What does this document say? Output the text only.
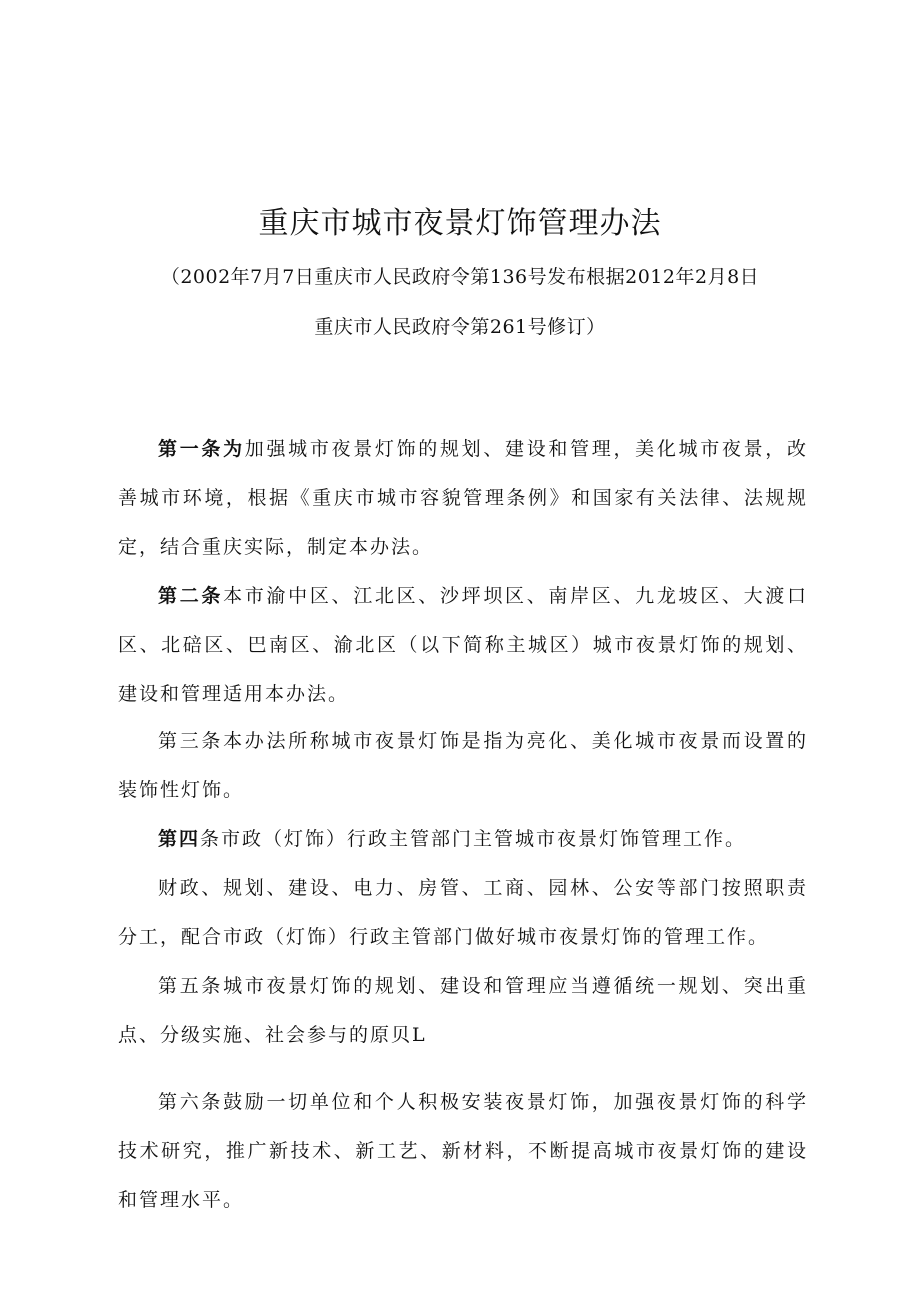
重庆市城市夜景灯饰管理办法
（2002年7月7日重庆市人民政府令第136号发布根据2012年2月8日
重庆市人民政府令第261号修订）

第一条为加强城市夜景灯饰的规划、建设和管理，美化城市夜景，改善城市环境，根据《重庆市城市容貌管理条例》和国家有关法律、法规规定，结合重庆实际，制定本办法。

第二条本市渝中区、江北区、沙坪坝区、南岸区、九龙坡区、大渡口区、北碚区、巴南区、渝北区（以下简称主城区）城市夜景灯饰的规划、建设和管理适用本办法。

第三条本办法所称城市夜景灯饰是指为亮化、美化城市夜景而设置的装饰性灯饰。

第四条市政（灯饰）行政主管部门主管城市夜景灯饰管理工作。

财政、规划、建设、电力、房管、工商、园林、公安等部门按照职责分工，配合市政（灯饰）行政主管部门做好城市夜景灯饰的管理工作。

第五条城市夜景灯饰的规划、建设和管理应当遵循统一规划、突出重点、分级实施、社会参与的原贝L

第六条鼓励一切单位和个人积极安装夜景灯饰，加强夜景灯饰的科学技术研究，推广新技术、新工艺、新材料，不断提高城市夜景灯饰的建设和管理水平。
